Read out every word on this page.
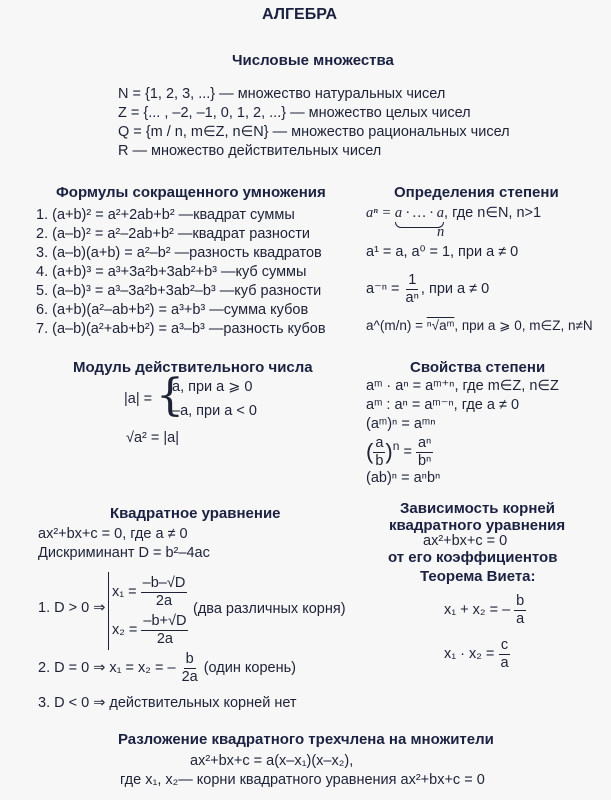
АЛГЕБРА
Числовые множества
N = {1, 2, 3, ...} — множество натуральных чисел
Z = {... , –2, –1, 0, 1, 2, ...} — множество целых чисел
Q = {m / n, m∈Z, n∈N} — множество рациональных чисел
R — множество действительных чисел
Формулы сокращенного умножения
1. (a+b)² = a²+2ab+b² —квадрат суммы
2. (a–b)² = a²–2ab+b² —квадрат разности
3. (a–b)(a+b) = a²–b² —разность квадратов
4. (a+b)³ = a³+3a²b+3ab²+b³ —куб суммы
5. (a–b)³ = a³–3a²b+3ab²–b³ —куб разности
6. (a+b)(a²–ab+b²) = a³+b³ —сумма кубов
7. (a–b)(a²+ab+b²) = a³–b³ —разность кубов
Определения степени
aⁿ = a · … · a
, где n∈N, n>1
n
a¹ = a, a⁰ = 1, при a ≠ 0
$a^{-n} = \frac{1}{\text{aⁿ}}$ , при a ≠ 0
a^(m/n) = ⁿ√aᵐ, при a ⩾ 0, m∈Z, n≠N
Модуль действительного числа
|a| = {
a, при a ⩾ 0
–a, при a < 0
√a² = |a|
Свойства степени
aᵐ · aⁿ = aᵐ⁺ⁿ, где m∈Z, n∈Z
aᵐ : aⁿ = aᵐ⁻ⁿ, где a ≠ 0
(aᵐ)ⁿ = aᵐⁿ
( $\frac{a}{b} )^n = \frac{\text{aⁿ}}{\text{bⁿ}}$
(ab)ⁿ = aⁿbⁿ
Квадратное уравнение
ax²+bx+c = 0, где a ≠ 0
Дискриминант D = b²–4ac
1. D > 0 ⇒
$x_1 = \frac{-b-√D}{2a}$
$x_2 = \frac{-b+√D}{2a}$
(два различных корня)
2. D = 0 ⇒ x₁ = x₂ = – $\frac{b}{2a}$ (один корень)
3. D < 0 ⇒ действительных корней нет
Зависимость корней
квадратного уравнения
ax²+bx+c = 0
от его коэффициентов
Теорема Виета:
x₁ + x₂ = – $\frac{b}{a}$
$x_1 \cdot x_2 = \frac{c}{a}$
Разложение квадратного трехчлена на множители
ax²+bx+c = a(x–x₁)(x–x₂),
где x₁, x₂— корни квадратного уравнения ax²+bx+c = 0
